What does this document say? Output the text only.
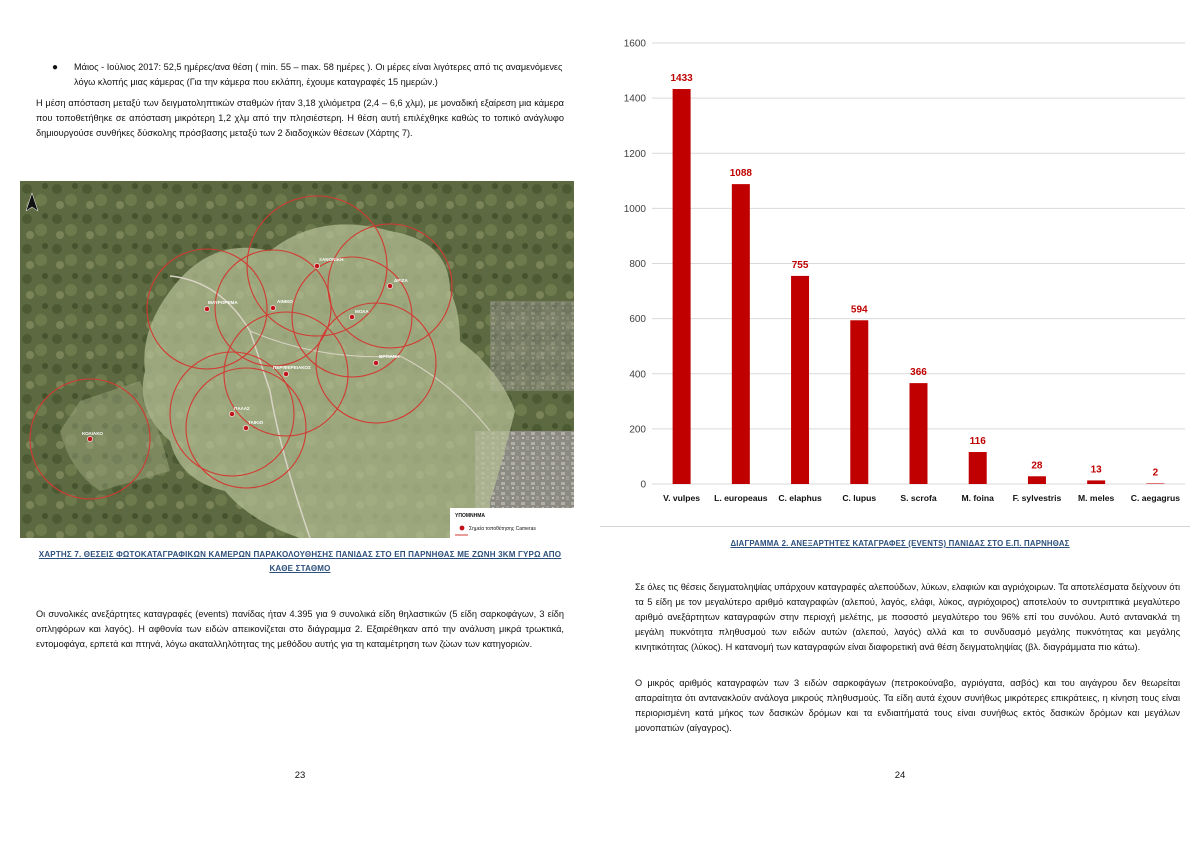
● Μάιος - Ιούλιος 2017: 52,5 ημέρες/ανα θέση ( min. 55 – max. 58 ημέρες ). Οι μέρες είναι λιγότερες από τις αναμενόμενες λόγω κλοπής μιας κάμερας (Για την κάμερα που εκλάπη, έχουμε καταγραφές 15 ημερών.)
Η μέση απόσταση μεταξύ των δειγματοληπτικών σταθμών ήταν 3,18 χιλιόμετρα (2,4 – 6,6 χλμ), με μοναδική εξαίρεση μια κάμερα που τοποθετήθηκε σε απόσταση μικρότερη 1,2 χλμ από την πλησιέστερη. Η θέση αυτή επιλέχθηκε καθώς το τοπικό ανάγλυφο δημιουργούσε συνθήκες δύσκολης πρόσβασης μεταξύ των 2 διαδοχικών θέσεων (Χάρτης 7).
ΞΑΝΟΝΙΚΗ
ΔΡΙΖΑ
ΜΑΥΡΟΡΕΜΑ	ΑΙΝΙΚΟ
ΜΟΛΑ
ΠΕΡΙΦΕΡΕΙΑΚΟΣ
ΒΡΤΙΑΝΗ
ΠΑΛΑΣ
ΤΑΙΚΙΟ
ΚΟΛΙΑΚΟ
ΥΠΟΜΝΗΜΑ
Σημεία τοποθέτησης Cameras
ΧΑΡΤΗΣ 7. ΘΕΣΕΙΣ ΦΩΤΟΚΑΤΑΓΡΑΦΙΚΩΝ ΚΑΜΕΡΩΝ ΠΑΡΑΚΟΛΟΥΘΗΣΗΣ ΠΑΝΙΔΑΣ ΣΤΟ ΕΠ ΠΑΡΝΗΘΑΣ ΜΕ ΖΩΝΗ 3ΚΜ ΓΥΡΩ ΑΠΟ ΚΑΘΕ ΣΤΑΘΜΟ
Οι συνολικές ανεξάρτητες καταγραφές (events) πανίδας ήταν 4.395 για 9 συνολικά είδη θηλαστικών (5 είδη σαρκοφάγων, 3 είδη οπληφόρων και λαγός). Η αφθονία των ειδών απεικονίζεται στο διάγραμμα 2. Εξαιρέθηκαν από την ανάλυση μικρά τρωκτικά, εντομοφάγα, ερπετά και πτηνά, λόγω ακαταλληλότητας της μεθόδου αυτής για τη καταμέτρηση των ζώων των κατηγοριών.
23
1433
1088
755
594
366
116
28	13	2
0
200
400
600
800
1000
1200
1400
1600
V. vulpes L. europeaus C. elaphus C. lupus	S. scrofa	M. foina F. sylvestris M. meles C. aegagrus
ΔΙΑΓΡΑΜΜΑ 2. ΑΝΕΞΑΡΤΗΤΕΣ ΚΑΤΑΓΡΑΦΕΣ (EVENTS) ΠΑΝΙΔΑΣ ΣΤΟ Ε.Π. ΠΑΡΝΗΘΑΣ
Σε όλες τις θέσεις δειγματοληψίας υπάρχουν καταγραφές αλεπούδων, λύκων, ελαφιών και αγριόχοιρων. Τα αποτελέσματα δείχνουν ότι τα 5 είδη με τον μεγαλύτερο αριθμό καταγραφών (αλεπού, λαγός, ελάφι, λύκος, αγριόχοιρος) αποτελούν το συντριπτικά μεγαλύτερο αριθμό ανεξάρτητων καταγραφών στην περιοχή μελέτης, με ποσοστό μεγαλύτερο του 96% επί του συνόλου. Αυτό αντανακλά τη μεγάλη πυκνότητα πληθυσμού των ειδών αυτών (αλεπού, λαγός) αλλά και το συνδυασμό μεγάλης πυκνότητας και μεγάλης κινητικότητας (λύκος). Η κατανομή των καταγραφών είναι διαφορετική ανά θέση δειγματοληψίας (βλ. διαγράμματα πιο κάτω).
Ο μικρός αριθμός καταγραφών των 3 ειδών σαρκοφάγων (πετροκούναβο, αγριόγατα, ασβός) και του αιγάγρου δεν θεωρείται απαραίτητα ότι αντανακλούν ανάλογα μικρούς πληθυσμούς. Τα είδη αυτά έχουν συνήθως μικρότερες επικράτειες, η κίνηση τους είναι περιορισμένη κατά μήκος των δασικών δρόμων και τα ενδιαιτήματά τους είναι συνήθως εκτός δασικών δρόμων και μεγάλων μονοπατιών (αίγαγρος).
24
